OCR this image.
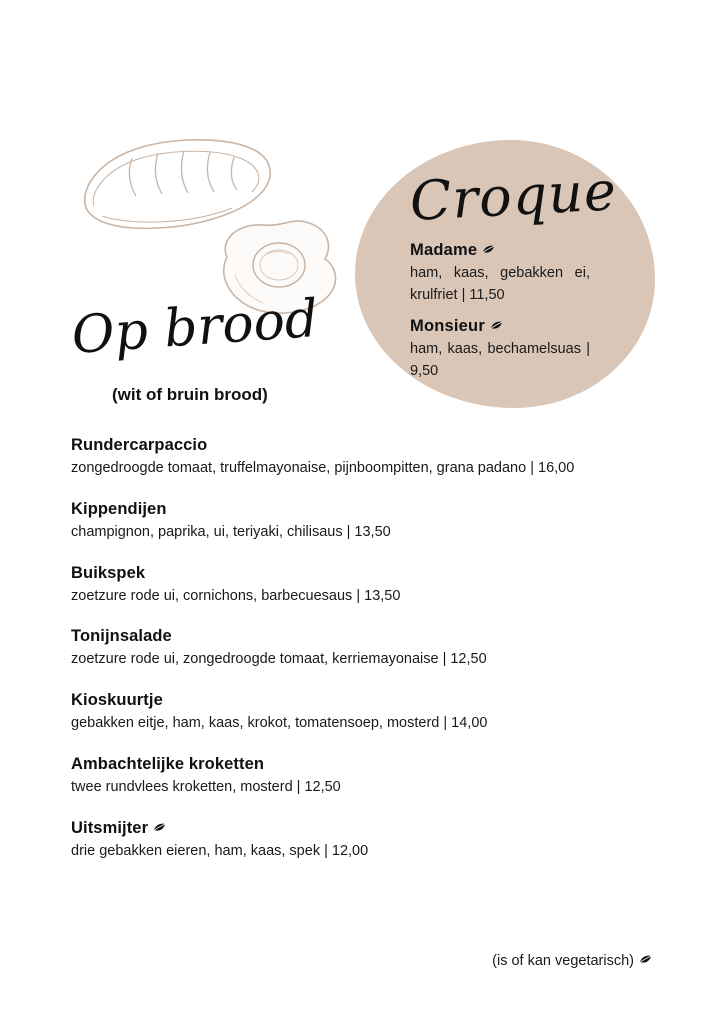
Croque
Madame
ham, kaas, gebakken ei, krulfriet | 11,50
Monsieur
ham, kaas, bechamelsuas | 9,50
Op brood
(wit of bruin brood)
Rundercarpaccio
zongedroogde tomaat, truffelmayonaise, pijnboompitten, grana padano | 16,00
Kippendijen
champignon, paprika, ui, teriyaki, chilisaus | 13,50
Buikspek
zoetzure rode ui, cornichons, barbecuesaus | 13,50
Tonijnsalade
zoetzure rode ui, zongedroogde tomaat, kerriemayonaise | 12,50
Kioskuurtje
gebakken eitje, ham, kaas, krokot, tomatensoep, mosterd | 14,00
Ambachtelijke kroketten
twee rundvlees kroketten, mosterd | 12,50
Uitsmijter
drie gebakken eieren, ham, kaas, spek | 12,00
(is of kan vegetarisch)
